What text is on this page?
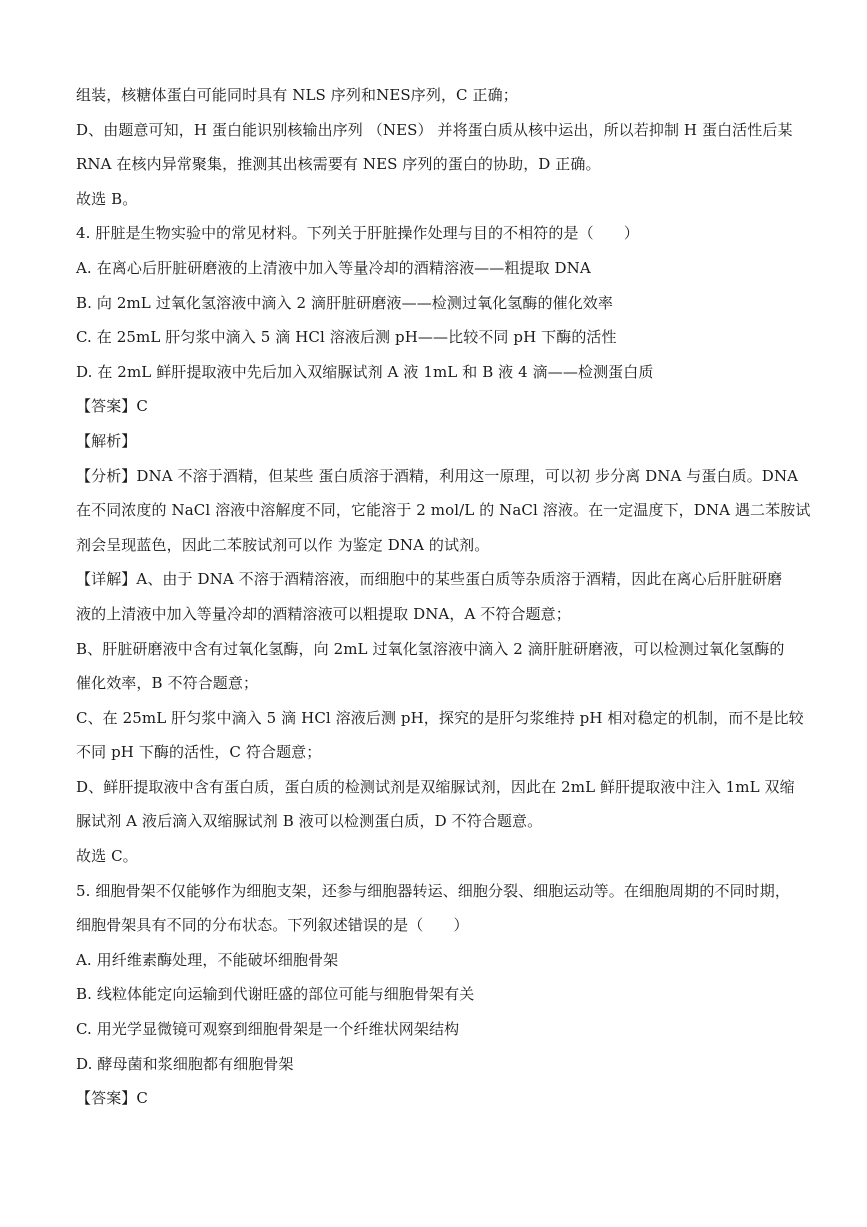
组装，核糖体蛋白可能同时具有 NLS 序列和NES序列，C 正确；
D、由题意可知，H 蛋白能识别核输出序列 （NES） 并将蛋白质从核中运出，所以若抑制 H 蛋白活性后某
RNA 在核内异常聚集，推测其出核需要有 NES 序列的蛋白的协助，D 正确。
故选 B。
4. 肝脏是生物实验中的常见材料。下列关于肝脏操作处理与目的不相符的是（　　）
A. 在离心后肝脏研磨液的上清液中加入等量冷却的酒精溶液——粗提取 DNA
B. 向 2mL 过氧化氢溶液中滴入 2 滴肝脏研磨液——检测过氧化氢酶的催化效率
C. 在 25mL 肝匀浆中滴入 5 滴 HCl 溶液后测 pH——比较不同 pH 下酶的活性
D. 在 2mL 鲜肝提取液中先后加入双缩脲试剂 A 液 1mL 和 B 液 4 滴——检测蛋白质
【答案】C
【解析】
【分析】DNA 不溶于酒精，但某些 蛋白质溶于酒精，利用这一原理，可以初 步分离 DNA 与蛋白质。DNA
在不同浓度的 NaCl 溶液中溶解度不同，它能溶于 2 mol/L 的 NaCl 溶液。在一定温度下，DNA 遇二苯胺试
剂会呈现蓝色，因此二苯胺试剂可以作 为鉴定 DNA 的试剂。
【详解】A、由于 DNA 不溶于酒精溶液，而细胞中的某些蛋白质等杂质溶于酒精，因此在离心后肝脏研磨
液的上清液中加入等量冷却的酒精溶液可以粗提取 DNA，A 不符合题意；
B、肝脏研磨液中含有过氧化氢酶，向 2mL 过氧化氢溶液中滴入 2 滴肝脏研磨液，可以检测过氧化氢酶的
催化效率，B 不符合题意；
C、在 25mL 肝匀浆中滴入 5 滴 HCl 溶液后测 pH，探究的是肝匀浆维持 pH 相对稳定的机制，而不是比较
不同 pH 下酶的活性，C 符合题意；
D、鲜肝提取液中含有蛋白质，蛋白质的检测试剂是双缩脲试剂，因此在 2mL 鲜肝提取液中注入 1mL 双缩
脲试剂 A 液后滴入双缩脲试剂 B 液可以检测蛋白质，D 不符合题意。
故选 C。
5. 细胞骨架不仅能够作为细胞支架，还参与细胞器转运、细胞分裂、细胞运动等。在细胞周期的不同时期，
细胞骨架具有不同的分布状态。下列叙述错误的是（　　）
A. 用纤维素酶处理，不能破坏细胞骨架
B. 线粒体能定向运输到代谢旺盛的部位可能与细胞骨架有关
C. 用光学显微镜可观察到细胞骨架是一个纤维状网架结构
D. 酵母菌和浆细胞都有细胞骨架
【答案】C
